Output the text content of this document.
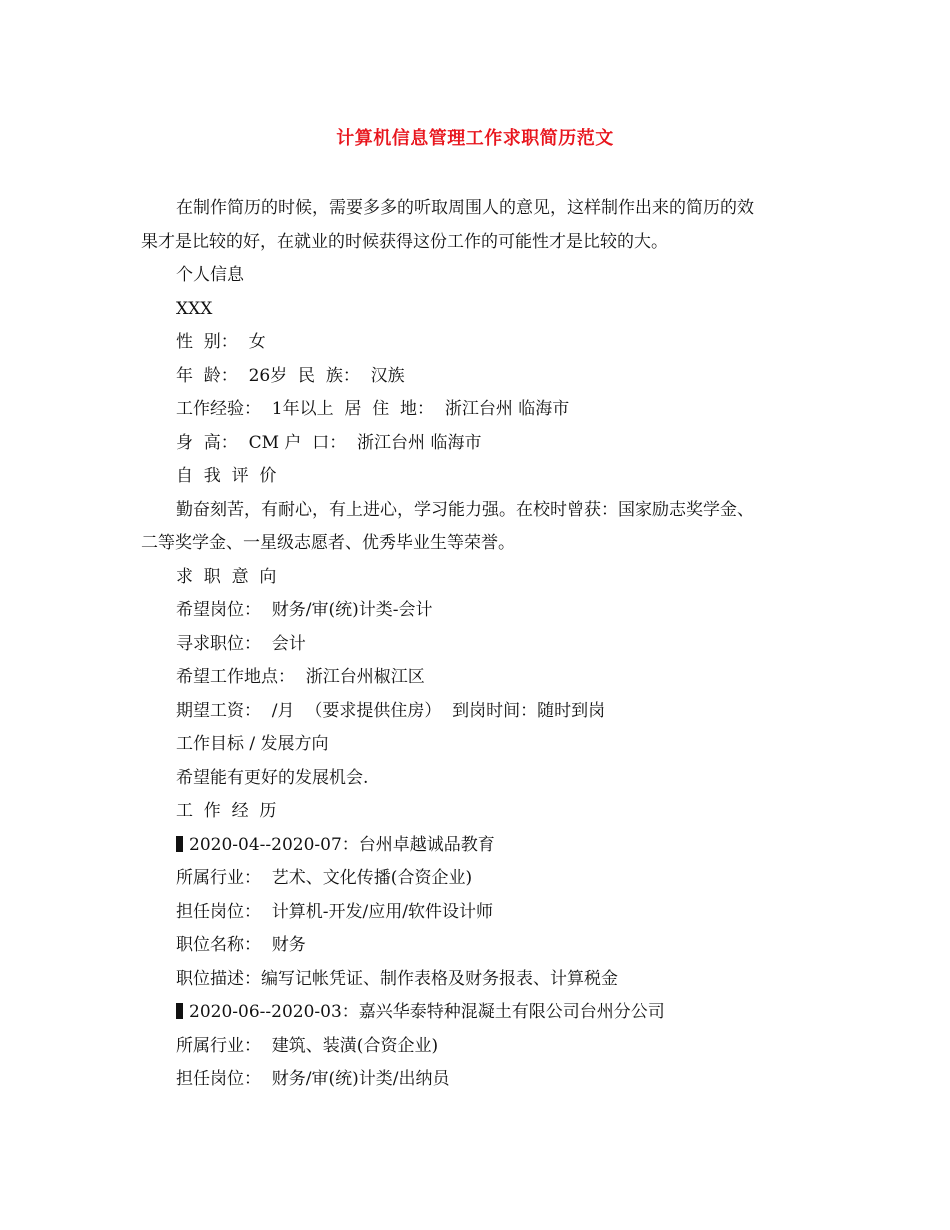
计算机信息管理工作求职简历范文
在制作简历的时候，需要多多的听取周围人的意见，这样制作出来的简历的效
果才是比较的好，在就业的时候获得这份工作的可能性才是比较的大。
个人信息
XXX
性  别：  女
年  龄：  26岁  民  族：  汉族
工作经验：  1年以上  居  住  地：  浙江台州 临海市
身  高：  CM 户  口：  浙江台州 临海市
自  我  评  价
勤奋刻苦，有耐心，有上进心，学习能力强。在校时曾获：国家励志奖学金、
二等奖学金、一星级志愿者、优秀毕业生等荣誉。
求  职  意  向
希望岗位：  财务/审(统)计类-会计
寻求职位：  会计
希望工作地点：  浙江台州椒江区
期望工资：  /月  （要求提供住房）  到岗时间：随时到岗
工作目标 / 发展方向
希望能有更好的发展机会.
工  作  经  历
2020-04--2020-07：台州卓越诚品教育
所属行业：  艺术、文化传播(合资企业)
担任岗位：  计算机-开发/应用/软件设计师
职位名称：  财务
职位描述：编写记帐凭证、制作表格及财务报表、计算税金
2020-06--2020-03：嘉兴华泰特种混凝土有限公司台州分公司
所属行业：  建筑、装潢(合资企业)
担任岗位：  财务/审(统)计类/出纳员
